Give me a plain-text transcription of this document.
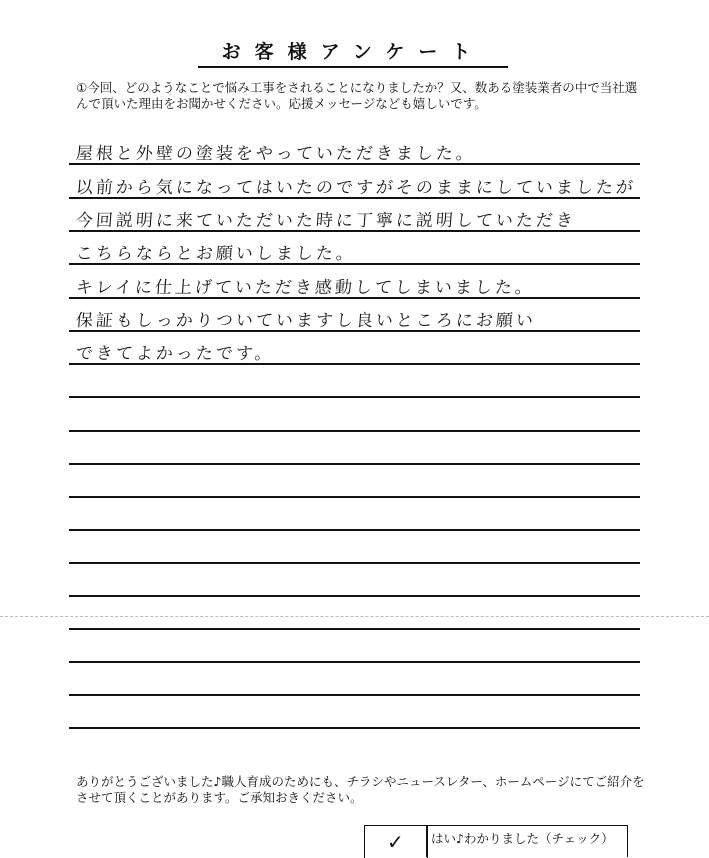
お客様アンケート
①今回、どのようなことで悩み工事をされることになりましたか？又、数ある塗装業者の中で当社選んで頂いた理由をお聞かせください。応援メッセージなども嬉しいです。
屋根と外壁の塗装をやっていただきました。
以前から気になってはいたのですがそのままにしていましたが
今回説明に来ていただいた時に丁寧に説明していただき
こちらならとお願いしました。
キレイに仕上げていただき感動してしまいました。
保証もしっかりついていますし良いところにお願い
できてよかったです。
ありがとうございました♪職人育成のためにも、チラシやニュースレター、ホームページにてご紹介をさせて頂くことがあります。ご承知おきください。
✓	はい♪わかりました（チェック）
